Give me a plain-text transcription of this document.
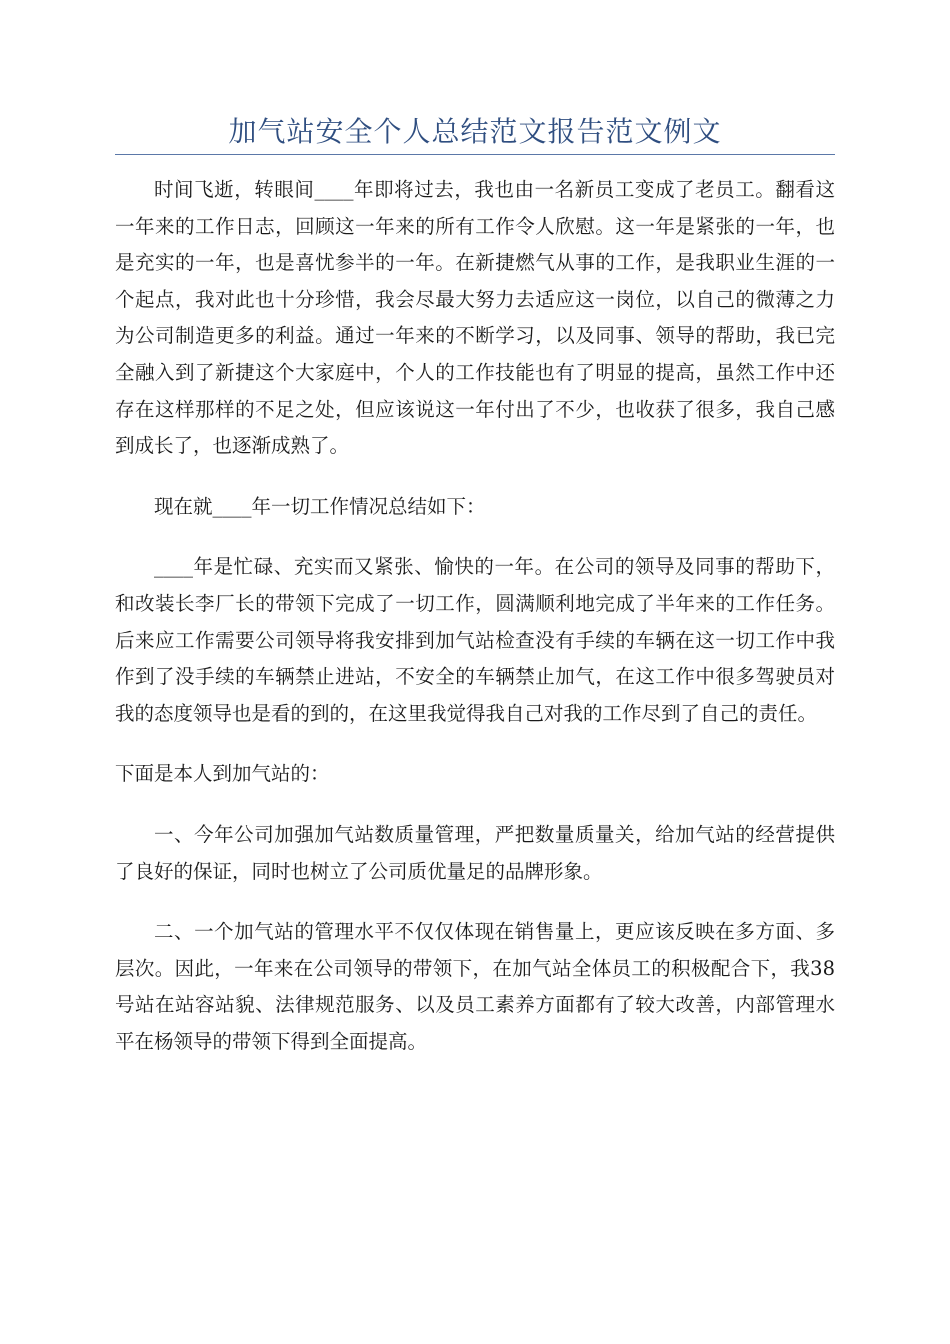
加气站安全个人总结范文报告范文例文

时间飞逝，转眼间____年即将过去，我也由一名新员工变成了老员工。翻看这一年来的工作日志，回顾这一年来的所有工作令人欣慰。这一年是紧张的一年，也是充实的一年，也是喜忧参半的一年。在新捷燃气从事的工作，是我职业生涯的一个起点，我对此也十分珍惜，我会尽最大努力去适应这一岗位，以自己的微薄之力为公司制造更多的利益。通过一年来的不断学习，以及同事、领导的帮助，我已完全融入到了新捷这个大家庭中，个人的工作技能也有了明显的提高，虽然工作中还存在这样那样的不足之处，但应该说这一年付出了不少，也收获了很多，我自己感到成长了，也逐渐成熟了。

现在就____年一切工作情况总结如下：

____年是忙碌、充实而又紧张、愉快的一年。在公司的领导及同事的帮助下，和改装长李厂长的带领下完成了一切工作，圆满顺利地完成了半年来的工作任务。后来应工作需要公司领导将我安排到加气站检查没有手续的车辆在这一切工作中我作到了没手续的车辆禁止进站，不安全的车辆禁止加气，在这工作中很多驾驶员对我的态度领导也是看的到的，在这里我觉得我自己对我的工作尽到了自己的责任。

下面是本人到加气站的：

一、今年公司加强加气站数质量管理，严把数量质量关，给加气站的经营提供了良好的保证，同时也树立了公司质优量足的品牌形象。

二、一个加气站的管理水平不仅仅体现在销售量上，更应该反映在多方面、多层次。因此，一年来在公司领导的带领下，在加气站全体员工的积极配合下，我38号站在站容站貌、法律规范服务、以及员工素养方面都有了较大改善，内部管理水平在杨领导的带领下得到全面提高。
